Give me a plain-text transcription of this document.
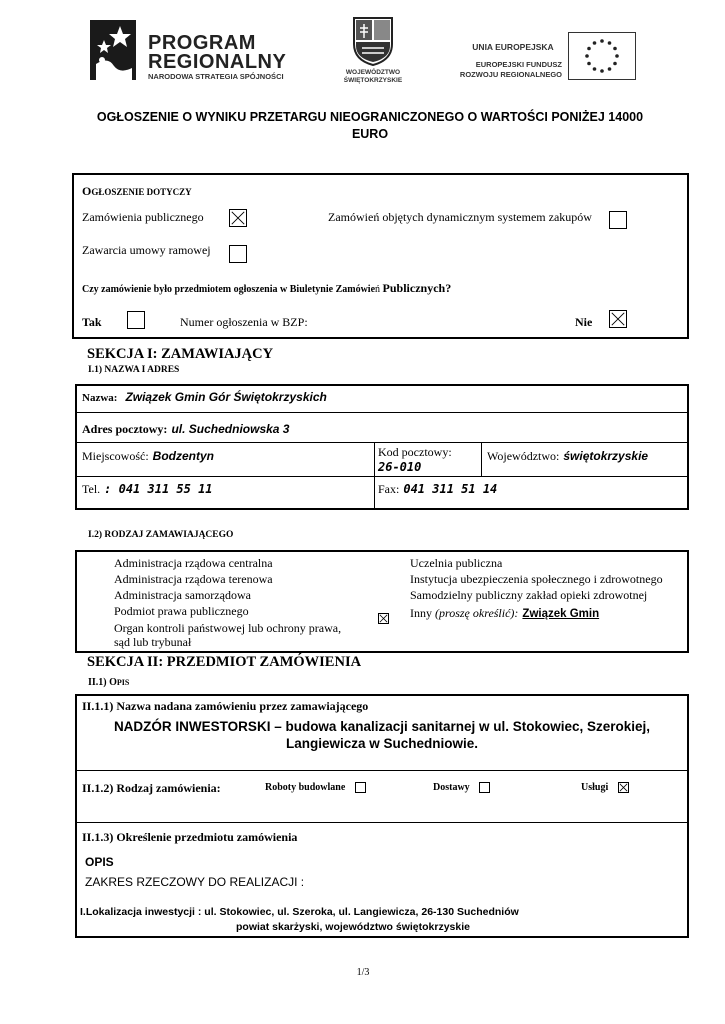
PROGRAM
REGIONALNY
NARODOWA STRATEGIA SPÓJNOŚCI	WOJEWÓDZTWO
ŚWIĘTOKRZYSKIE
UNIA EUROPEJSKA
EUROPEJSKI FUNDUSZ
ROZWOJU REGIONALNEGO
OGŁOSZENIE O WYNIKU PRZETARGU NIEOGRANICZONEGO O WARTOŚCI PONIŻEJ 14000
EURO
OGŁOSZENIE DOTYCZY
Zamówienia publicznego	Zamówień objętych dynamicznym systemem zakupów
Zawarcia umowy ramowej
Czy zamówienie było przedmiotem ogłoszenia w Biuletynie Zamówień Publicznych?
Tak	Numer ogłoszenia w BZP:	Nie
SEKCJA I: ZAMAWIAJĄCY
I.1) NAZWA I ADRES
Nazwa: Związek Gmin Gór Świętokrzyskich
Adres pocztowy: ul. Suchedniowska 3
Miejscowość: Bodzentyn	Kod pocztowy:
26-010
Województwo: świętokrzyskie
Tel. : 041 311 55 11	Fax: 041 311 51 14
I.2) RODZAJ ZAMAWIAJĄCEGO
Administracja rządowa centralna
Administracja rządowa terenowa
Administracja samorządowa
Podmiot prawa publicznego
Organ kontroli państwowej lub ochrony prawa,
sąd lub trybunał
Uczelnia publiczna
Instytucja ubezpieczenia społecznego i zdrowotnego
Samodzielny publiczny zakład opieki zdrowotnej
Inny (proszę określić): Związek Gmin
SEKCJA II: PRZEDMIOT ZAMÓWIENIA
II.1) OPIS
II.1.1) Nazwa nadana zamówieniu przez zamawiającego
NADZÓR INWESTORSKI – budowa kanalizacji sanitarnej w ul. Stokowiec, Szerokiej,
Langiewicza w Suchedniowie.
II.1.2) Rodzaj zamówienia:	Roboty budowlane	Dostawy	Usługi
II.1.3) Określenie przedmiotu zamówienia
OPIS
ZAKRES RZECZOWY DO REALIZACJI :
I.Lokalizacja inwestycji : ul. Stokowiec, ul. Szeroka, ul. Langiewicza, 26-130 Suchedniów
powiat skarżyski, województwo świętokrzyskie
1/3
